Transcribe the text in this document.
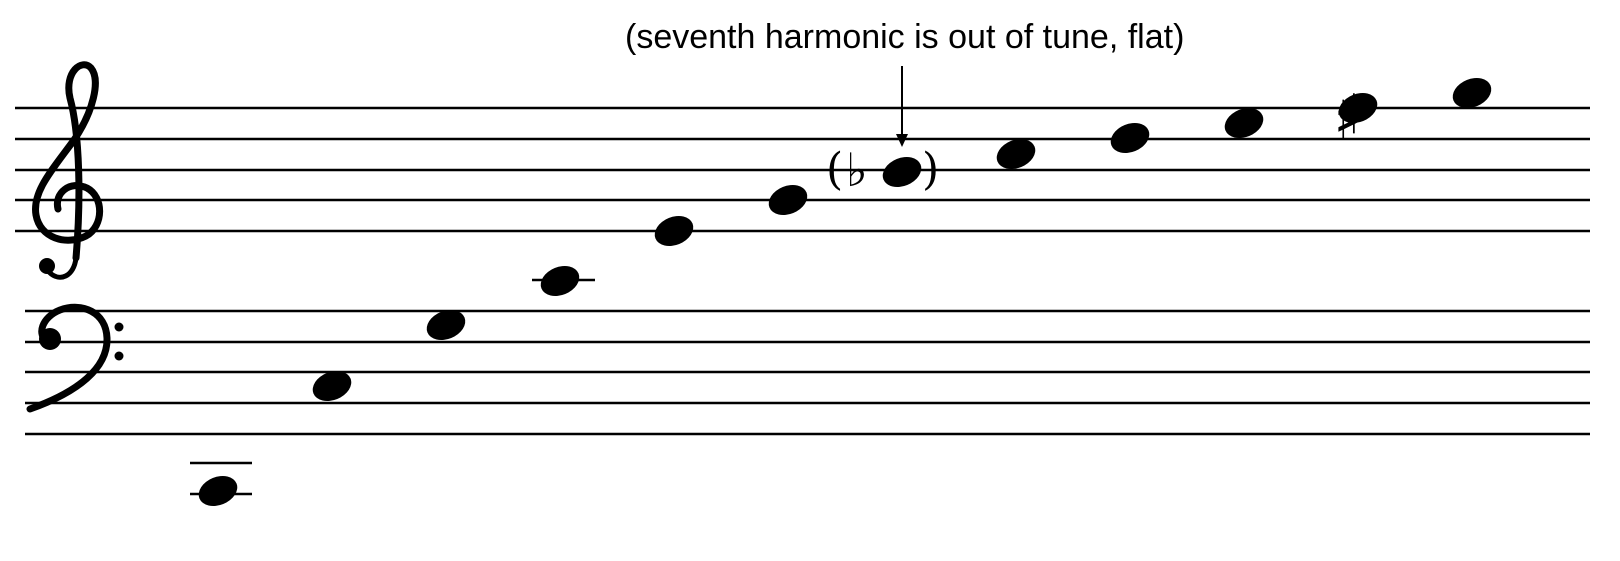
( ♭ )
♯
(seventh harmonic is out of tune, flat)
